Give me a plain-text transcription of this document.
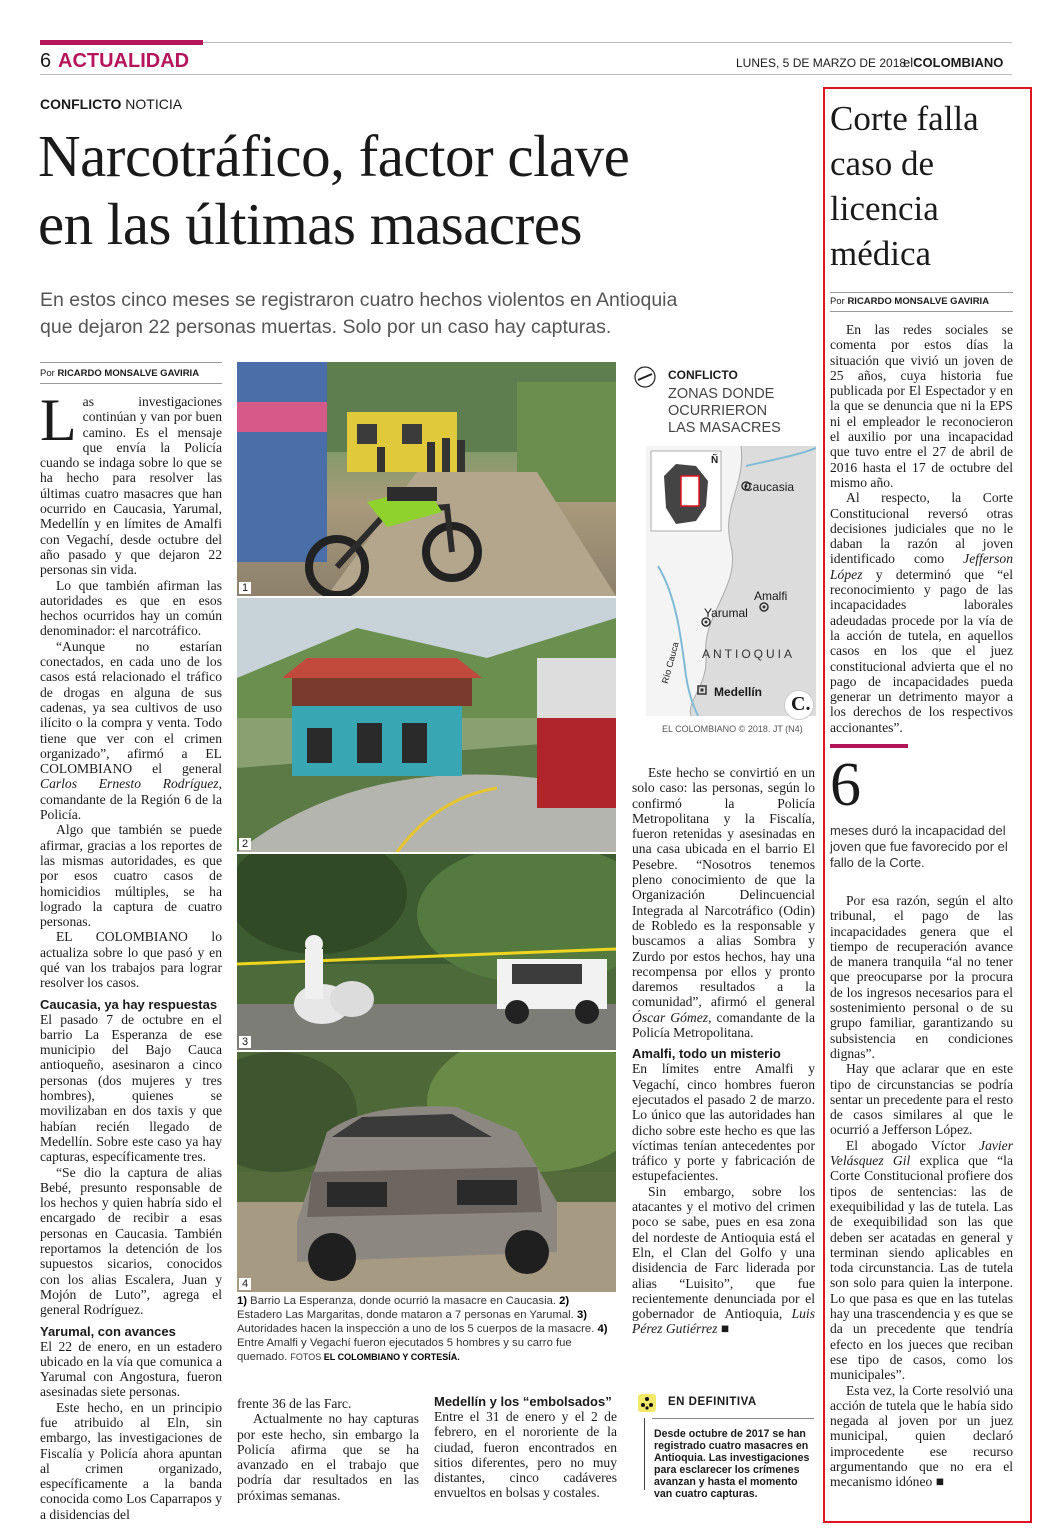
6 ACTUALIDAD	LUNES, 5 DE MARZO DE 2018
elCOLOMBIANO
CONFLICTO NOTICIA
Narcotráfico, factor clave
en las últimas masacres
En estos cinco meses se registraron cuatro hechos violentos en Antioquia
que dejaron 22 personas muertas. Solo por un caso hay capturas.
Por RICARDO MONSALVE GAVIRIA

Las investigaciones continúan y van por buen camino. Es el mensaje que envía la Policía cuando se indaga sobre lo que se ha hecho para resolver las últimas cuatro masacres que han ocurrido en Caucasia, Yarumal, Medellín y en límites de Amalfi con Vegachí, desde octubre del año pasado y que dejaron 22 personas sin vida.

Lo que también afirman las autoridades es que en esos hechos ocurridos hay un común denominador: el narcotráfico.

“Aunque no estarían conectados, en cada uno de los casos está relacionado el tráfico de drogas en alguna de sus cadenas, ya sea cultivos de uso ilícito o la compra y venta. Todo tiene que ver con el crimen organizado”, afirmó a EL COLOMBIANO el general Carlos Ernesto Rodríguez, comandante de la Región 6 de la Policía.

Algo que también se puede afirmar, gracias a los reportes de las mismas autoridades, es que por esos cuatro casos de homicidios múltiples, se ha logrado la captura de cuatro personas.

EL COLOMBIANO lo actualiza sobre lo que pasó y en qué van los trabajos para lograr resolver los casos.

Caucasia, ya hay respuestas

El pasado 7 de octubre en el barrio La Esperanza de ese municipio del Bajo Cauca antioqueño, asesinaron a cinco personas (dos mujeres y tres hombres), quienes se movilizaban en dos taxis y que habían recién llegado de Medellín. Sobre este caso ya hay capturas, específicamente tres.

“Se dio la captura de alias Bebé, presunto responsable de los hechos y quien habría sido el encargado de recibir a esas personas en Caucasia. También reportamos la detención de los supuestos sicarios, conocidos con los alias Escalera, Juan y Mojón de Luto”, agrega el general Rodríguez.

Yarumal, con avances

El 22 de enero, en un estadero ubicado en la vía que comunica a Yarumal con Angostura, fueron asesinadas siete personas.

Este hecho, en un principio fue atribuido al Eln, sin embargo, las investigaciones de Fiscalía y Policía ahora apuntan al crimen organizado, específicamente a la banda conocida como Los Caparrapos y a disidencias del

1
2
3
4
1) Barrio La Esperanza, donde ocurrió la masacre en Caucasia. 2) Estadero Las Margaritas, donde mataron a 7 personas en Yarumal. 3) Autoridades hacen la inspección a uno de los 5 cuerpos de la masacre. 4) Entre Amalfi y Vegachí fueron ejecutados 5 hombres y su carro fue quemado. FOTOS EL COLOMBIANO Y CORTESÍA.

frente 36 de las Farc.

Actualmente no hay capturas por este hecho, sin embargo la Policía afirma que se ha avanzado en el trabajo que podría dar resultados en las próximas semanas.

CONFLICTO
ZONAS DONDE
OCURRIERON
LAS MASACRES
Ñ
Caucasia
Amalfi
Yarumal
ANTIOQUIA
Río Cauca
Medellín
C.
EL COLOMBIANO © 2018. JT (N4)

Este hecho se convirtió en un solo caso: las personas, según lo confirmó la Policía Metropolitana y la Fiscalía, fueron retenidas y asesinadas en una casa ubicada en el barrio El Pesebre. “Nosotros tenemos pleno conocimiento de que la Organización Delincuencial Integrada al Narcotráfico (Odin) de Robledo es la responsable y buscamos a alias Sombra y Zurdo por estos hechos, hay una recompensa por ellos y pronto daremos resultados a la comunidad”, afirmó el general Óscar Gómez, comandante de la Policía Metropolitana.

Amalfi, todo un misterio

En límites entre Amalfi y Vegachí, cinco hombres fueron ejecutados el pasado 2 de marzo. Lo único que las autoridades han dicho sobre este hecho es que las víctimas tenían antecedentes por tráfico y porte y fabricación de estupefacientes.

Sin embargo, sobre los atacantes y el motivo del crimen poco se sabe, pues en esa zona del nordeste de Antioquia está el Eln, el Clan del Golfo y una disidencia de Farc liderada por alias “Luisito”, que fue recientemente denunciada por el gobernador de Antioquia, Luis Pérez Gutiérrez ■

Medellín y los “embolsados”

Entre el 31 de enero y el 2 de febrero, en el nororiente de la ciudad, fueron encontrados en sitios diferentes, pero no muy distantes, cinco cadáveres envueltos en bolsas y costales.

EN DEFINITIVA
Desde octubre de 2017 se han registrado cuatro masacres en Antioquia. Las investigaciones para esclarecer los crímenes avanzan y hasta el momento van cuatro capturas.
Corte falla
caso de
licencia
médica
Por RICARDO MONSALVE GAVIRIA

En las redes sociales se comenta por estos días la situación que vivió un joven de 25 años, cuya historia fue publicada por El Espectador y en la que se denuncia que ni la EPS ni el empleador le reconocieron el auxilio por una incapacidad que tuvo entre el 27 de abril de 2016 hasta el 17 de octubre del mismo año.

Al respecto, la Corte Constitucional reversó otras decisiones judiciales que no le daban la razón al joven identificado como Jefferson López y determinó que “el reconocimiento y pago de las incapacidades laborales adeudadas procede por la vía de la acción de tutela, en aquellos casos en los que el juez constitucional advierta que el no pago de incapacidades pueda generar un detrimento mayor a los derechos de los respectivos accionantes”.

6
meses duró la incapacidad del joven que fue favorecido por el fallo de la Corte.

Por esa razón, según el alto tribunal, el pago de las incapacidades genera que el tiempo de recuperación avance de manera tranquila “al no tener que preocuparse por la procura de los ingresos necesarios para el sostenimiento personal o de su grupo familiar, garantizando su subsistencia en condiciones dignas”.

Hay que aclarar que en este tipo de circunstancias se podría sentar un precedente para el resto de casos similares al que le ocurrió a Jefferson López.

El abogado Víctor Javier Velásquez Gil explica que “la Corte Constitucional profiere dos tipos de sentencias: las de exequibilidad y las de tutela. Las de exequibilidad son las que deben ser acatadas en general y terminan siendo aplicables en toda circunstancia. Las de tutela son solo para quien la interpone. Lo que pasa es que en las tutelas hay una trascendencia y es que se da un precedente que tendría efecto en los jueces que reciban ese tipo de casos, como los municipales”.

Esta vez, la Corte resolvió una acción de tutela que le había sido negada al joven por un juez municipal, quien declaró improcedente ese recurso argumentando que no era el mecanismo idóneo ■
